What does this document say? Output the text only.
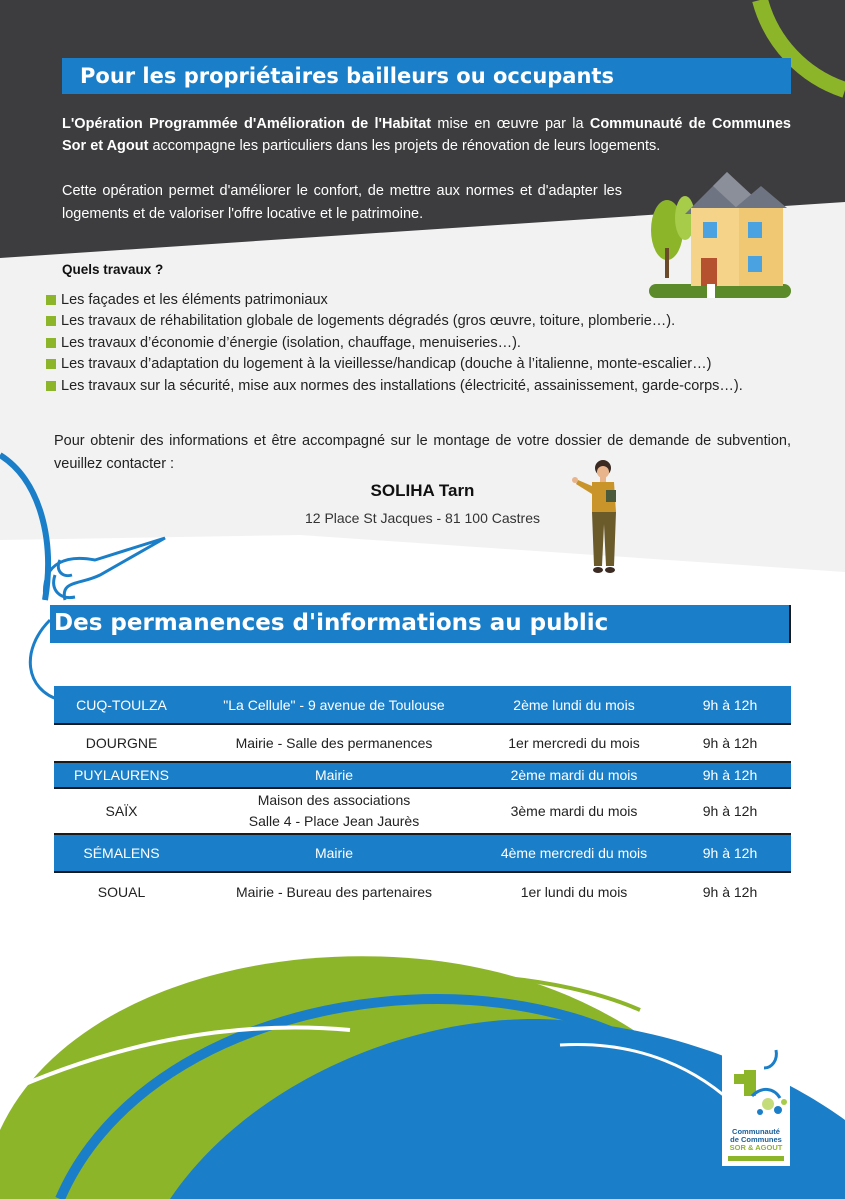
Pour les propriétaires bailleurs ou occupants

L'Opération Programmée d'Amélioration de l'Habitat mise en œuvre par la Communauté de Communes Sor et Agout accompagne les particuliers dans les projets de rénovation de leurs logements.

Cette opération permet d'améliorer le confort, de mettre aux normes et d'adapter les logements et de valoriser l'offre locative et le patrimoine.
Quels travaux ?
Les façades et les éléments patrimoniaux
Les travaux de réhabilitation globale de logements dégradés (gros œuvre, toiture, plomberie…).
Les travaux d’économie d’énergie (isolation, chauffage, menuiseries…).
Les travaux d’adaptation du logement à la vieillesse/handicap (douche à l’italienne, monte-escalier…)
Les travaux sur la sécurité, mise aux normes des installations (électricité, assainissement, garde-corps…).
Pour obtenir des informations et être accompagné sur le montage de votre dossier de demande de subvention, veuillez contacter :
SOLIHA Tarn
12 Place St Jacques - 81 100 Castres
Des permanences d'informations au public
CUQ-TOULZA	"La Cellule" - 9 avenue de Toulouse	2ème lundi du mois	9h à 12h
DOURGNE	Mairie - Salle des permanences	1er mercredi du mois	9h à 12h
PUYLAURENS	Mairie	2ème mardi du mois	9h à 12h
SAÏX	Maison des associations
Salle 4 - Place Jean Jaurès	3ème mardi du mois	9h à 12h
SÉMALENS	Mairie	4ème mercredi du mois	9h à 12h
SOUAL	Mairie - Bureau des partenaires	1er lundi du mois	9h à 12h
Communauté
de Communes
SOR & AGOUT
